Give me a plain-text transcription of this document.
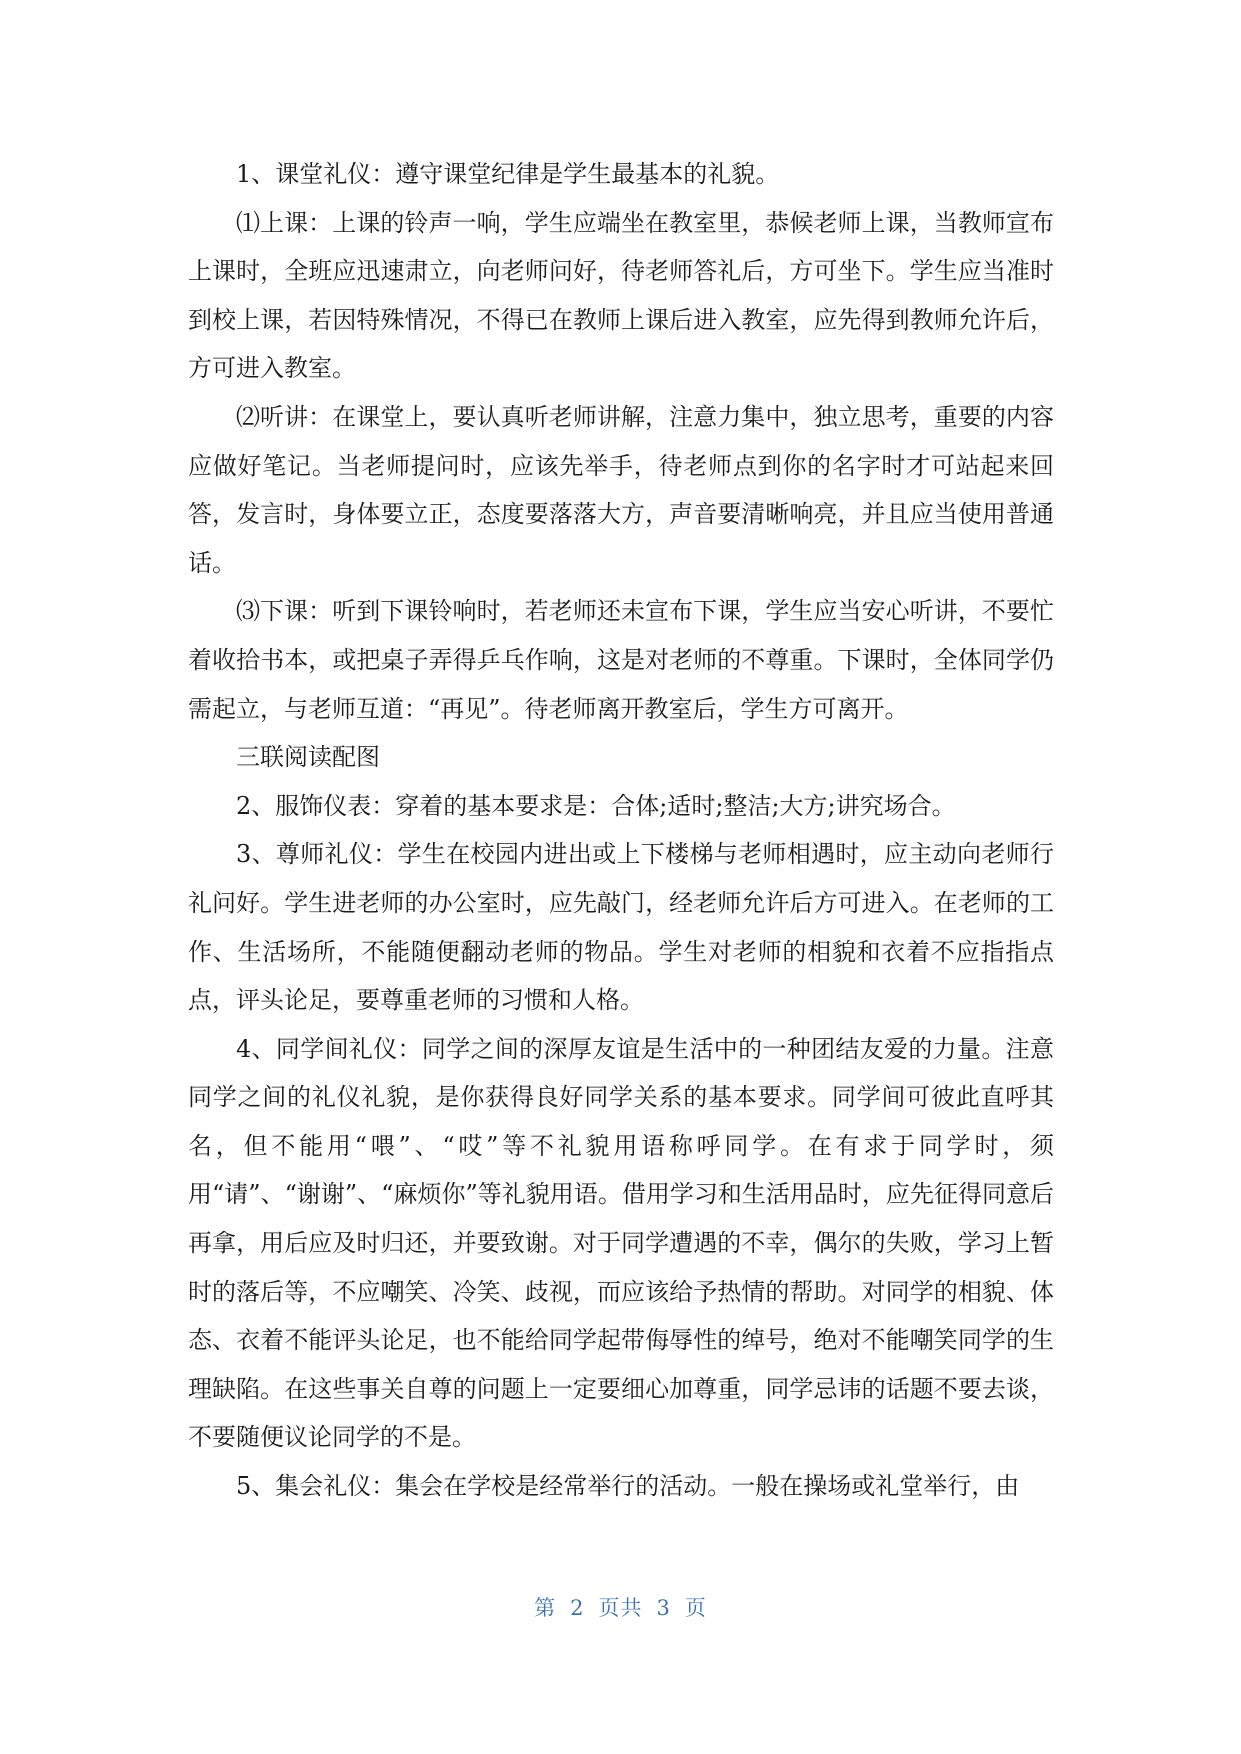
1、课堂礼仪：遵守课堂纪律是学生最基本的礼貌。

⑴上课：上课的铃声一响，学生应端坐在教室里，恭候老师上课，当教师宣布上课时，全班应迅速肃立，向老师问好，待老师答礼后，方可坐下。学生应当准时到校上课，若因特殊情况，不得已在教师上课后进入教室，应先得到教师允许后，方可进入教室。

⑵听讲：在课堂上，要认真听老师讲解，注意力集中，独立思考，重要的内容应做好笔记。当老师提问时，应该先举手，待老师点到你的名字时才可站起来回答，发言时，身体要立正，态度要落落大方，声音要清晰响亮，并且应当使用普通话。

⑶下课：听到下课铃响时，若老师还未宣布下课，学生应当安心听讲，不要忙着收拾书本，或把桌子弄得乒乓作响，这是对老师的不尊重。下课时，全体同学仍需起立，与老师互道：“再见”。待老师离开教室后，学生方可离开。

三联阅读配图

2、服饰仪表：穿着的基本要求是：合体;适时;整洁;大方;讲究场合。

3、尊师礼仪：学生在校园内进出或上下楼梯与老师相遇时，应主动向老师行礼问好。学生进老师的办公室时，应先敲门，经老师允许后方可进入。在老师的工作、生活场所，不能随便翻动老师的物品。学生对老师的相貌和衣着不应指指点点，评头论足，要尊重老师的习惯和人格。

4、同学间礼仪：同学之间的深厚友谊是生活中的一种团结友爱的力量。注意同学之间的礼仪礼貌，是你获得良好同学关系的基本要求。同学间可彼此直呼其名，但不能用“喂”、“哎”等不礼貌用语称呼同学。在有求于同学时，须用“请”、“谢谢”、“麻烦你”等礼貌用语。借用学习和生活用品时，应先征得同意后再拿，用后应及时归还，并要致谢。对于同学遭遇的不幸，偶尔的失败，学习上暂时的落后等，不应嘲笑、冷笑、歧视，而应该给予热情的帮助。对同学的相貌、体态、衣着不能评头论足，也不能给同学起带侮辱性的绰号，绝对不能嘲笑同学的生理缺陷。在这些事关自尊的问题上一定要细心加尊重，同学忌讳的话题不要去谈，不要随便议论同学的不是。

5、集会礼仪：集会在学校是经常举行的活动。一般在操场或礼堂举行，由

第 2 页共 3 页
